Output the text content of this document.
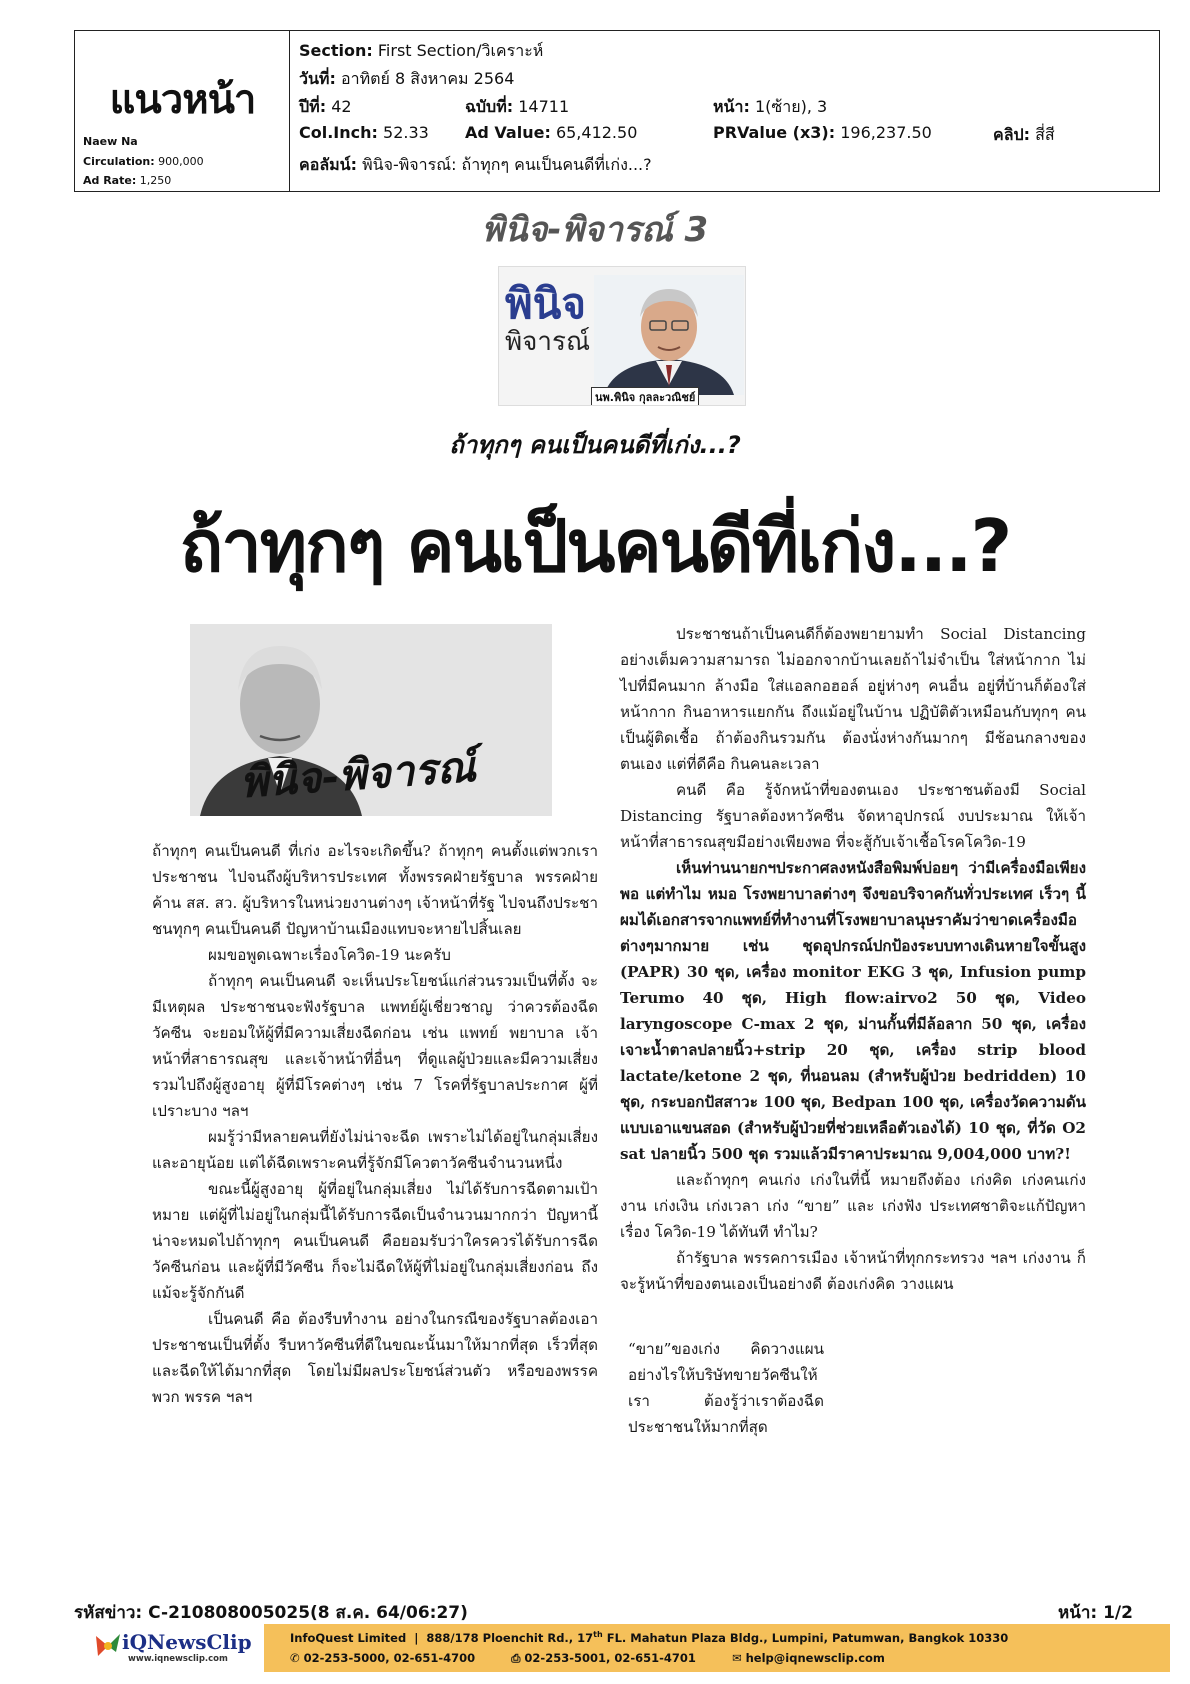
แนวหน้า
Naew Na
Circulation: 900,000
Ad Rate: 1,250
Section: First Section/วิเคราะห์
วันที่: อาทิตย์ 8 สิงหาคม 2564
ปีที่: 42	ฉบับที่: 14711	หน้า: 1(ซ้าย), 3
Col.Inch: 52.33 Ad Value: 65,412.50	PRValue (x3): 196,237.50	คลิป: สี่สี
คอลัมน์: พินิจ-พิจารณ์: ถ้าทุกๆ คนเป็นคนดีที่เก่ง...?
พินิจ-พิจารณ์ 3
พินิจ
พิจารณ์
นพ.พินิจ กุลละวณิชย์
ถ้าทุกๆ คนเป็นคนดีที่เก่ง...?
ถ้าทุกๆ คนเป็นคนดีที่เก่ง...?
พินิจ-พิจารณ์

ถ้าทุกๆ คนเป็นคนดี ที่เก่ง อะไรจะเกิดขึ้น? ถ้าทุกๆ คนตั้งแต่พวกเราประชาชน ไปจนถึงผู้บริหารประเทศ ทั้งพรรคฝ่ายรัฐบาล พรรคฝ่ายค้าน สส. สว. ผู้บริหารในหน่วยงานต่างๆ เจ้าหน้าที่รัฐ ไปจนถึงประชาชนทุกๆ คนเป็นคนดี ปัญหาบ้านเมืองแทบจะหายไปสิ้นเลย

ผมขอพูดเฉพาะเรื่องโควิด-19 นะครับ

ถ้าทุกๆ คนเป็นคนดี จะเห็นประโยชน์แก่ส่วนรวมเป็นที่ตั้ง จะมีเหตุผล ประชาชนจะฟังรัฐบาล แพทย์ผู้เชี่ยวชาญ ว่าควรต้องฉีดวัคซีน จะยอมให้ผู้ที่มีความเสี่ยงฉีดก่อน เช่น แพทย์ พยาบาล เจ้าหน้าที่สาธารณสุข และเจ้าหน้าที่อื่นๆ ที่ดูแลผู้ป่วยและมีความเสี่ยง รวมไปถึงผู้สูงอายุ ผู้ที่มีโรคต่างๆ เช่น 7 โรคที่รัฐบาลประกาศ ผู้ที่เปราะบาง ฯลฯ

ผมรู้ว่ามีหลายคนที่ยังไม่น่าจะฉีด เพราะไม่ได้อยู่ในกลุ่มเสี่ยงและอายุน้อย แต่ได้ฉีดเพราะคนที่รู้จักมีโควตาวัคซีนจำนวนหนึ่ง

ขณะนี้ผู้สูงอายุ ผู้ที่อยู่ในกลุ่มเสี่ยง ไม่ได้รับการฉีดตามเป้าหมาย แต่ผู้ที่ไม่อยู่ในกลุ่มนี้ได้รับการฉีดเป็นจำนวนมากกว่า ปัญหานี้น่าจะหมดไปถ้าทุกๆ คนเป็นคนดี คือยอมรับว่าใครควรได้รับการฉีดวัคซีนก่อน และผู้ที่มีวัคซีน ก็จะไม่ฉีดให้ผู้ที่ไม่อยู่ในกลุ่มเสี่ยงก่อน ถึงแม้จะรู้จักกันดี

เป็นคนดี คือ ต้องรีบทำงาน อย่างในกรณีของรัฐบาลต้องเอาประชาชนเป็นที่ตั้ง รีบหาวัคซีนที่ดีในขณะนั้นมาให้มากที่สุด เร็วที่สุด และฉีดให้ได้มากที่สุด โดยไม่มีผลประโยชน์ส่วนตัว หรือของพรรคพวก พรรค ฯลฯ

ประชาชนถ้าเป็นคนดีก็ต้องพยายามทำ Social Distancing อย่างเต็มความสามารถ ไม่ออกจากบ้านเลยถ้าไม่จำเป็น ใส่หน้ากาก ไม่ไปที่มีคนมาก ล้างมือ ใส่แอลกอฮอล์ อยู่ห่างๆ คนอื่น อยู่ที่บ้านก็ต้องใส่หน้ากาก กินอาหารแยกกัน ถึงแม้อยู่ในบ้าน ปฏิบัติตัวเหมือนกับทุกๆ คนเป็นผู้ติดเชื้อ ถ้าต้องกินรวมกัน ต้องนั่งห่างกันมากๆ มีช้อนกลางของตนเอง แต่ที่ดีคือ กินคนละเวลา

คนดี คือ รู้จักหน้าที่ของตนเอง ประชาชนต้องมี Social Distancing รัฐบาลต้องหาวัคซีน จัดหาอุปกรณ์ งบประมาณ ให้เจ้าหน้าที่สาธารณสุขมีอย่างเพียงพอ ที่จะสู้กับเจ้าเชื้อโรคโควิด-19

เห็นท่านนายกฯประกาศลงหนังสือพิมพ์บ่อยๆ ว่ามีเครื่องมือเพียงพอ แต่ทำไม หมอ โรงพยาบาลต่างๆ จึงขอบริจาคกันทั่วประเทศ เร็วๆ นี้ผมได้เอกสารจากแพทย์ที่ทำงานที่โรงพยาบาลนุษราคัมว่าขาดเครื่องมือต่างๆมากมาย เช่น ชุดอุปกรณ์ปกป้องระบบทางเดินหายใจขั้นสูง (PAPR) 30 ชุด, เครื่อง monitor EKG 3 ชุด, Infusion pump Terumo 40 ชุด, High flow:airvo2 50 ชุด, Video laryngoscope C-max 2 ชุด, ม่านกั้นที่มีล้อลาก 50 ชุด, เครื่องเจาะน้ำตาลปลายนิ้ว+strip 20 ชุด, เครื่อง strip blood lactate/ketone 2 ชุด, ที่นอนลม (สำหรับผู้ป่วย bedridden) 10 ชุด, กระบอกปัสสาวะ 100 ชุด, Bedpan 100 ชุด, เครื่องวัดความดันแบบเอาแขนสอด (สำหรับผู้ป่วยที่ช่วยเหลือตัวเองได้) 10 ชุด, ที่วัด O2 sat ปลายนิ้ว 500 ชุด รวมแล้วมีราคาประมาณ 9,004,000 บาท?!

และถ้าทุกๆ คนเก่ง เก่งในที่นี้ หมายถึงต้อง เก่งคิด เก่งคนเก่งงาน เก่งเงิน เก่งเวลา เก่ง “ขาย” และ เก่งฟัง ประเทศชาติจะแก้ปัญหาเรื่อง โควิด-19 ได้ทันที ทำไม?

ถ้ารัฐบาล พรรคการเมือง เจ้าหน้าที่ทุกกระทรวง ฯลฯ เก่งงาน ก็จะรู้หน้าที่ของตนเองเป็นอย่างดี ต้องเก่งคิด วางแผน

“ขาย”ของเก่ง คิดวางแผนอย่างไรให้บริษัทขายวัคซีนให้เรา ต้องรู้ว่าเราต้องฉีดประชาชนให้มากที่สุด
รหัสข่าว: C-210808005025(8 ส.ค. 64/06:27)	หน้า: 1/2
iQNewsClip
www.iqnewsclip.com
InfoQuest Limited  |  888/178 Ploenchit Rd., 17th FL. Mahatun Plaza Bldg., Lumpini, Patumwan, Bangkok 10330
✆ 02-253-5000, 02-651-4700	⎙ 02-253-5001, 02-651-4701	✉ help@iqnewsclip.com
